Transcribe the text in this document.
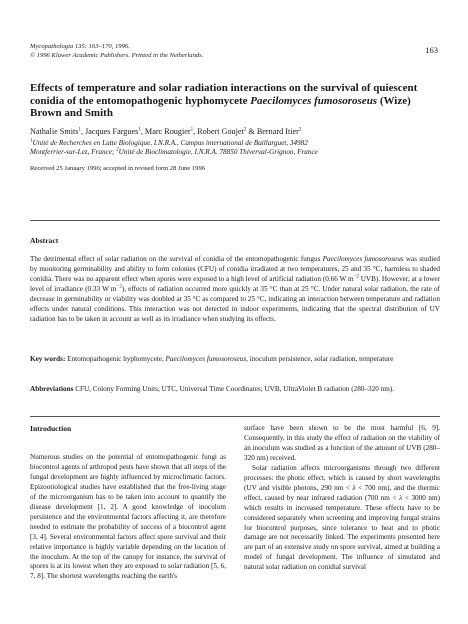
Mycopathologia 135: 163–170, 1996.
© 1996 Kluwer Academic Publishers. Printed in the Netherlands.
163
Effects of temperature and solar radiation interactions on the survival of quiescent conidia of the entomopathogenic hyphomycete Paecilomyces fumosoroseus (Wize) Brown and Smith
Nathalie Smits$^1$, Jacques Fargues$^1$, Marc Rougier$^1$, Robert Goujet$^2$ & Bernard Itier$^2$
$^1$Unité de Recherches en Lutte Biologique, I.N.R.A., Campus international de Baillarguet, 34982
Montferrier-sur-Lez, France; $^2$Unité de Bioclimatologie, I.N.R.A. 78850 Thiverval-Grignon, France
Received 25 January 1996; accepted in revised form 28 June 1996
Abstract

The detrimental effect of solar radiation on the survival of conidia of the entomopathogenic fungus Paecilomyces fumosoroseus was studied by monitoring germinability and ability to form colonies (CFU) of conidia irradiated at two temperatures, 25 and 35 °C, harmless to shaded conidia. There was no apparent effect when spores were exposed to a high level of artificial radiation (0.66 W $m^{-2}$ UVB). However, at a lower level of irradiance (0.33 W $m^{-2}$), effects of radiation occurred more quickly at 35 °C than at 25 °C. Under natural solar radiation, the rate of decrease in germinability or viability was doubled at 35 °C as compared to 25 °C, indicating an interaction between temperature and radiation effects under natural conditions. This interaction was not detected in indoor experiments, indicating that the spectral distribution of UV radiation has to be taken in account as well as its irradiance when studying its effects.

Key words: Entomopathogenic hyphomycete, Paecilomyces fumosoroseus, inoculum persistence, solar radiation, temperature
Abbreviations CFU, Colony Forming Units; UTC, Universal Time Coordinates; UVB, UltraViolet B radiation (280–320 nm).
Introduction

Numerous studies on the potential of entomopathogenic fungi as biocontrol agents of arthropod pests have shown that all steps of the fungal development are highly influenced by microclimatic factors. Epizootiological studies have established that the free-living stage of the microorganism has to be taken into account to quantify the disease development [1, 2]. A good knowledge of inoculum persistence and the environmental factors affecting it, are therefore needed to estimate the probability of success of a biocontrol agent [3, 4]. Several environmental factors affect spore survival and their relative importance is highly variable depending on the location of the inoculum. At the top of the canopy for instance, the survival of spores is at its lowest when they are exposed to solar radiation [5, 6, 7, 8]. The shortest wavelengths reaching the earth's

surface have been shown to be the most harmful [6, 9]. Consequently, in this study the effect of radiation on the viability of an inoculum was studied as a function of the amount of UVB (280–320 nm) received.

Solar radiation affects microorganisms through two different processes: the photic effect, which is caused by short wavelengths (UV and visible photons, 290 nm < λ < 700 nm), and the thermic effect, caused by near infrared radiation (700 nm < λ < 3000 nm) which results in increased temperature. These effects have to be considered separately when screening and improving fungal strains for biocontrol purposes, since tolerance to heat and to photic damage are not necessarily linked. The experiments presented here are part of an extensive study on spore survival, aimed at building a model of fungal development. The influence of simulated and natural solar radiation on conidial survival
